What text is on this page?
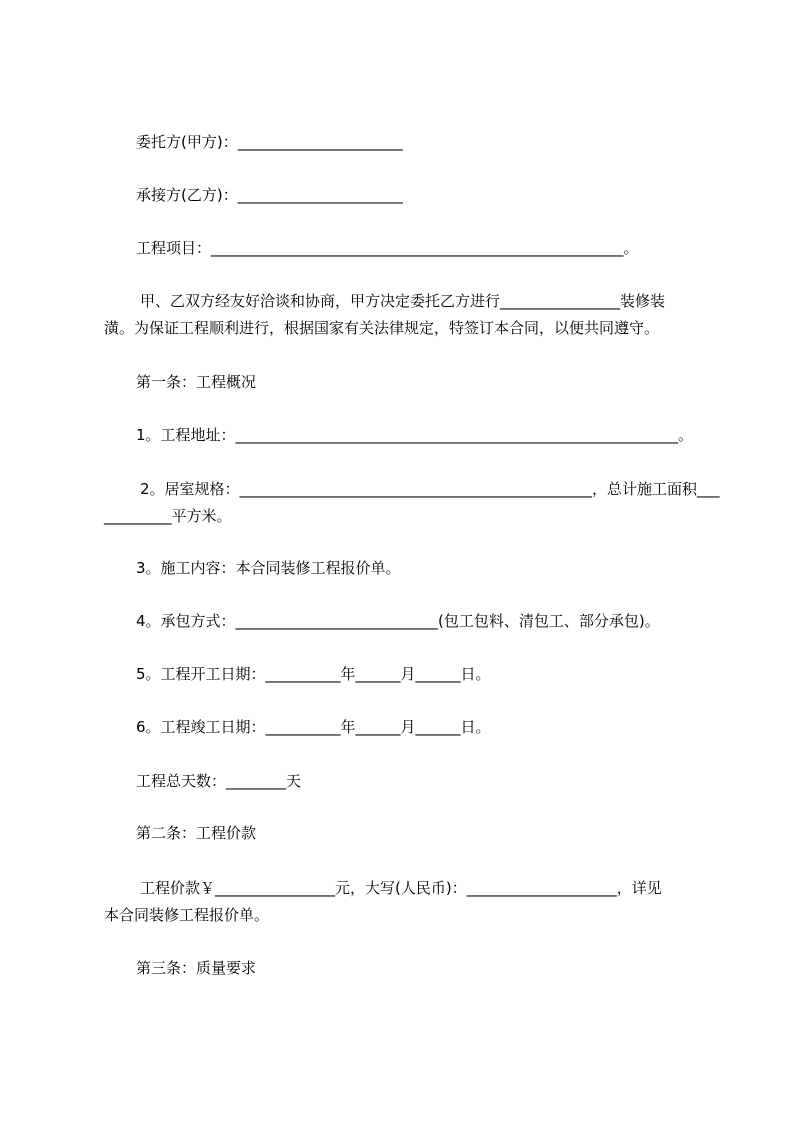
委托方(甲方)：______________________
承接方(乙方)：______________________
工程项目：_______________________________________________________。
甲、乙双方经友好洽谈和协商，甲方决定委托乙方进行________________装修装
潢。为保证工程顺利进行，根据国家有关法律规定，特签订本合同，以便共同遵守。
第一条：工程概况
1。工程地址：___________________________________________________________。
2。居室规格：_______________________________________________，总计施工面积___
_________平方米。
3。施工内容：本合同装修工程报价单。
4。承包方式：___________________________(包工包料、清包工、部分承包)。
5。工程开工日期：__________年______月______日。
6。工程竣工日期：__________年______月______日。
工程总天数：________天
第二条：工程价款
工程价款￥________________元，大写(人民币)：____________________，详见
本合同装修工程报价单。
第三条：质量要求
